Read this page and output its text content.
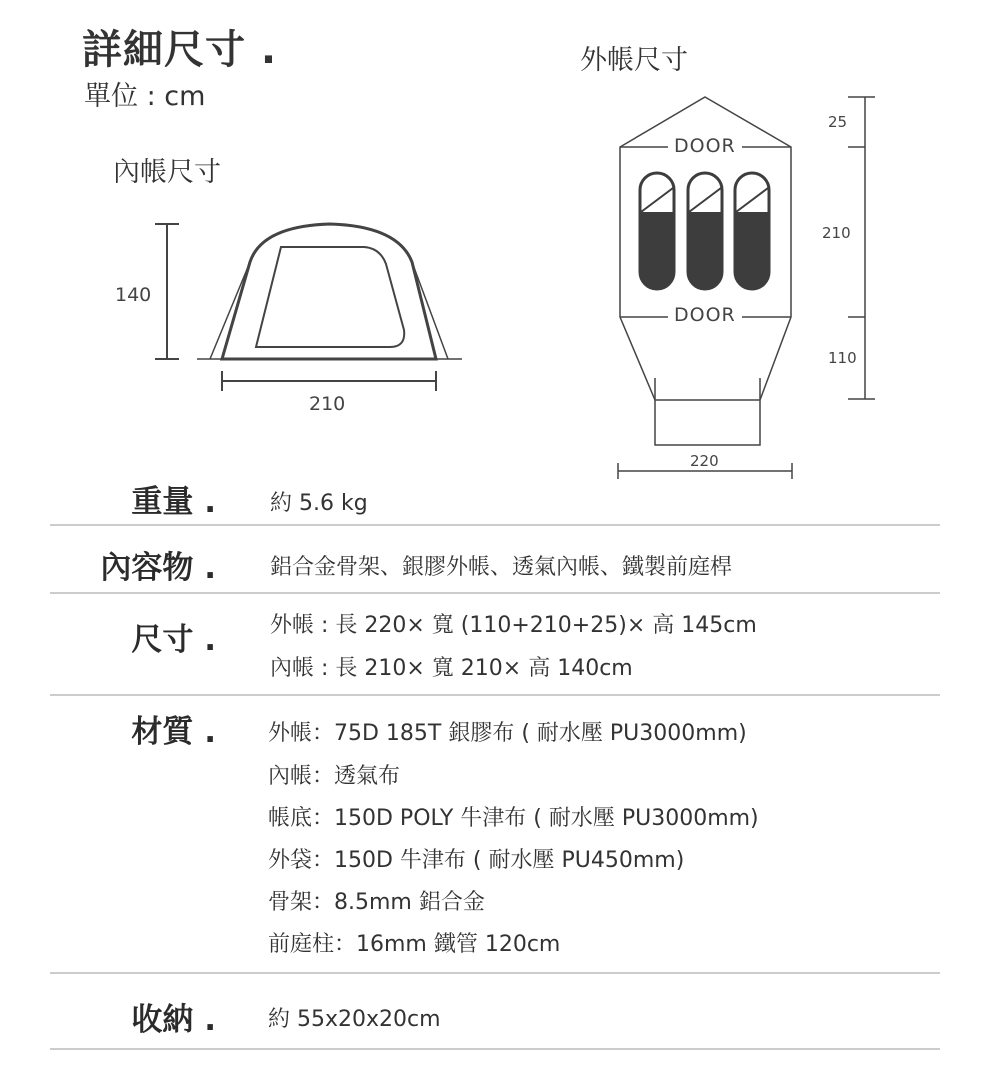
詳細尺寸 .
單位 : cm
內帳尺寸
外帳尺寸
140
210
DOOR
DOOR
25
210
110
220
重量 . 約 5.6 kg
內容物 . 鋁合金骨架、銀膠外帳、透氣內帳、鐵製前庭桿
尺寸 . 外帳 : 長 220× 寬 (110+210+25)× 高 145cm
內帳 : 長 210× 寬 210× 高 140cm
材質 . 外帳：75D 185T 銀膠布 ( 耐水壓 PU3000mm)
內帳：透氣布
帳底：150D POLY 牛津布 ( 耐水壓 PU3000mm)
外袋：150D 牛津布 ( 耐水壓 PU450mm)
骨架：8.5mm 鋁合金
前庭柱：16mm 鐵管 120cm
收納 . 約 55x20x20cm
